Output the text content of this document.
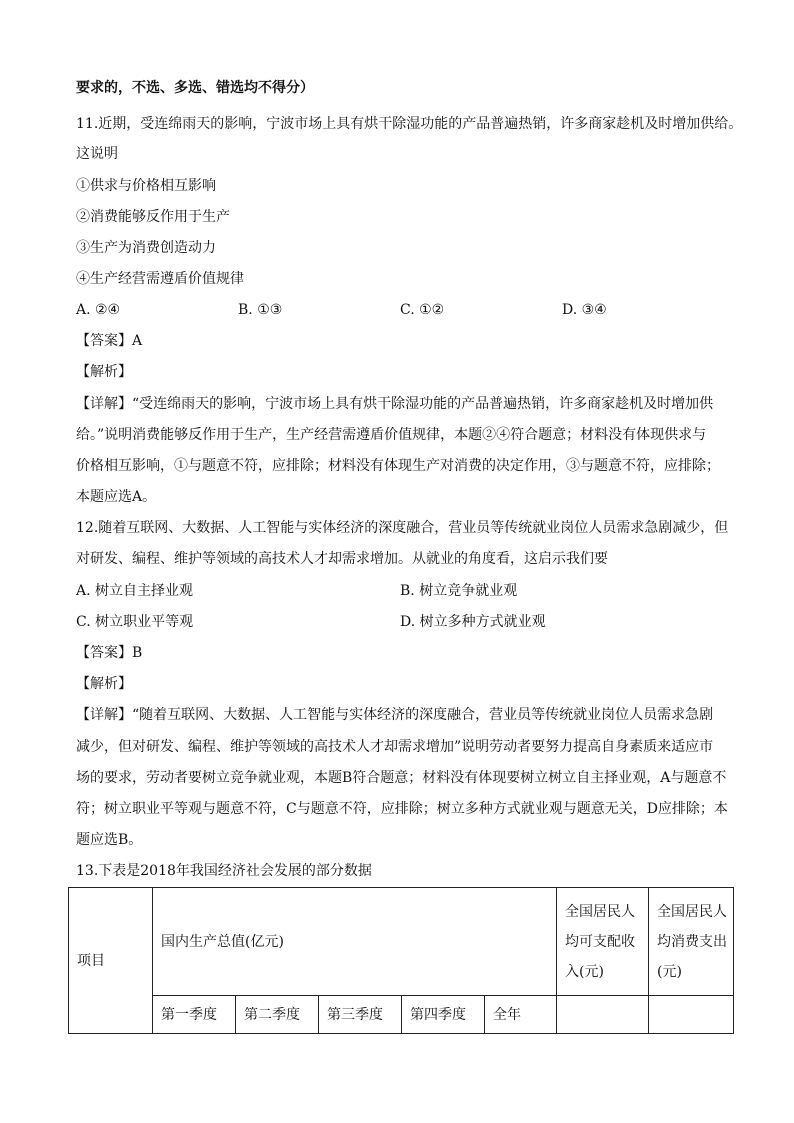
要求的，不选、多选、错选均不得分）
11.近期，受连绵雨天的影响，宁波市场上具有烘干除湿功能的产品普遍热销，许多商家趁机及时增加供给。
这说明
①供求与价格相互影响
②消费能够反作用于生产
③生产为消费创造动力
④生产经营需遵盾价值规律
A. ②④	B. ①③	C. ①②	D. ③④
【答案】A
【解析】
【详解】“受连绵雨天的影响，宁波市场上具有烘干除湿功能的产品普遍热销，许多商家趁机及时增加供
给。”说明消费能够反作用于生产，生产经营需遵盾价值规律，本题②④符合题意；材料没有体现供求与
价格相互影响，①与题意不符，应排除；材料没有体现生产对消费的决定作用，③与题意不符，应排除；
本题应选A。
12.随着互联网、大数据、人工智能与实体经济的深度融合，营业员等传统就业岗位人员需求急剧减少，但
对研发、编程、维护等领域的高技术人才却需求增加。从就业的角度看，这启示我们要
A. 树立自主择业观	B. 树立竞争就业观
C. 树立职业平等观	D. 树立多种方式就业观
【答案】B
【解析】
【详解】“随着互联网、大数据、人工智能与实体经济的深度融合，营业员等传统就业岗位人员需求急剧
减少，但对研发、编程、维护等领域的高技术人才却需求增加”说明劳动者要努力提高自身素质来适应市
场的要求，劳动者要树立竞争就业观，本题B符合题意；材料没有体现要树立树立自主择业观，A与题意不
符；树立职业平等观与题意不符，C与题意不符，应排除；树立多种方式就业观与题意无关，D应排除；本
题应选B。
13.下表是2018年我国经济社会发展的部分数据
项目	国内生产总值(亿元)					全国居民人均可支配收入(元)	全国居民人均消费支出(元)
	第一季度	第二季度	第三季度	第四季度	全年		
